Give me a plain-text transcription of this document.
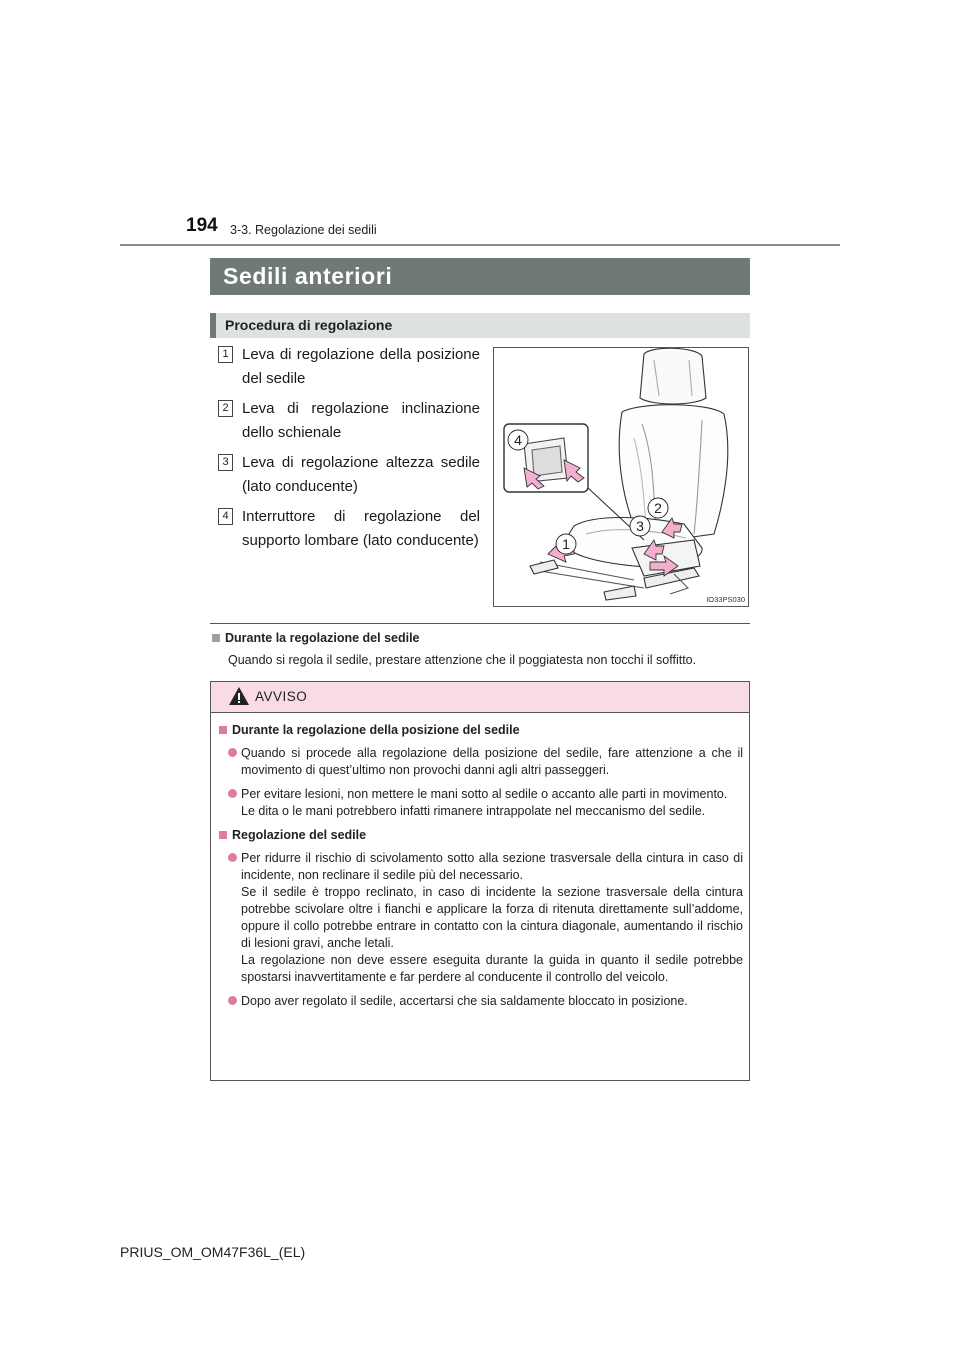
194 3-3. Regolazione dei sedili
Sedili anteriori
Procedura di regolazione
1 Leva di regolazione della posizione del sedile
2 Leva di regolazione inclinazione dello schienale
3 Leva di regolazione altezza sedile (lato conducente)
4 Interruttore di regolazione del supporto lombare (lato conducente)
4
2
3
1
IO33PS030
Durante la regolazione del sedile
Quando si regola il sedile, prestare attenzione che il poggiatesta non tocchi il soffitto.
AVVISO
Durante la regolazione della posizione del sedile
Quando si procede alla regolazione della posizione del sedile, fare attenzione a che il movimento di quest’ultimo non provochi danni agli altri passeggeri.
Per evitare lesioni, non mettere le mani sotto al sedile o accanto alle parti in movimento.
Le dita o le mani potrebbero infatti rimanere intrappolate nel meccanismo del sedile.
Regolazione del sedile
Per ridurre il rischio di scivolamento sotto alla sezione trasversale della cintura in caso di incidente, non reclinare il sedile più del necessario.
Se il sedile è troppo reclinato, in caso di incidente la sezione trasversale della cintura potrebbe scivolare oltre i fianchi e applicare la forza di ritenuta direttamente sull’addome, oppure il collo potrebbe entrare in contatto con la cintura diagonale, aumentando il rischio di lesioni gravi, anche letali.
La regolazione non deve essere eseguita durante la guida in quanto il sedile potrebbe spostarsi inavvertitamente e far perdere al conducente il controllo del veicolo.
Dopo aver regolato il sedile, accertarsi che sia saldamente bloccato in posizione.
PRIUS_OM_OM47F36L_(EL)
